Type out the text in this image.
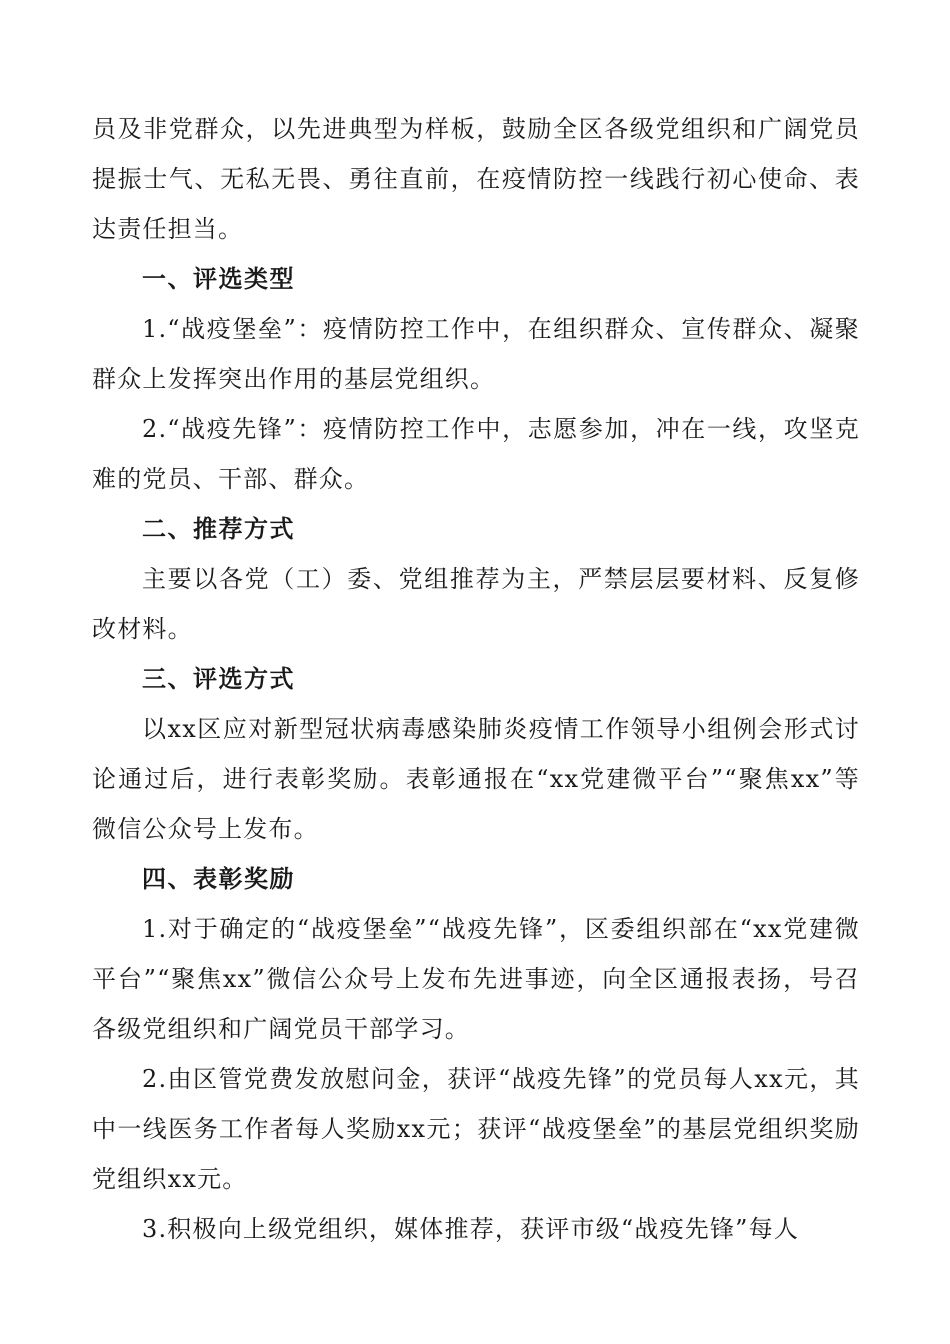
员及非党群众，以先进典型为样板，鼓励全区各级党组织和广阔党员提振士气、无私无畏、勇往直前，在疫情防控一线践行初心使命、表达责任担当。

一、评选类型

1.“战疫堡垒”：疫情防控工作中，在组织群众、宣传群众、凝聚群众上发挥突出作用的基层党组织。

2.“战疫先锋”：疫情防控工作中，志愿参加，冲在一线，攻坚克难的党员、干部、群众。

二、推荐方式

主要以各党（工）委、党组推荐为主，严禁层层要材料、反复修改材料。

三、评选方式

以xx区应对新型冠状病毒感染肺炎疫情工作领导小组例会形式讨论通过后，进行表彰奖励。表彰通报在“xx党建微平台”“聚焦xx”等微信公众号上发布。

四、表彰奖励

1.对于确定的“战疫堡垒”“战疫先锋”，区委组织部在“xx党建微平台”“聚焦xx”微信公众号上发布先进事迹，向全区通报表扬，号召各级党组织和广阔党员干部学习。

2.由区管党费发放慰问金，获评“战疫先锋”的党员每人xx元，其中一线医务工作者每人奖励xx元；获评“战疫堡垒”的基层党组织奖励党组织xx元。

3.积极向上级党组织，媒体推荐，获评市级“战疫先锋”每人
